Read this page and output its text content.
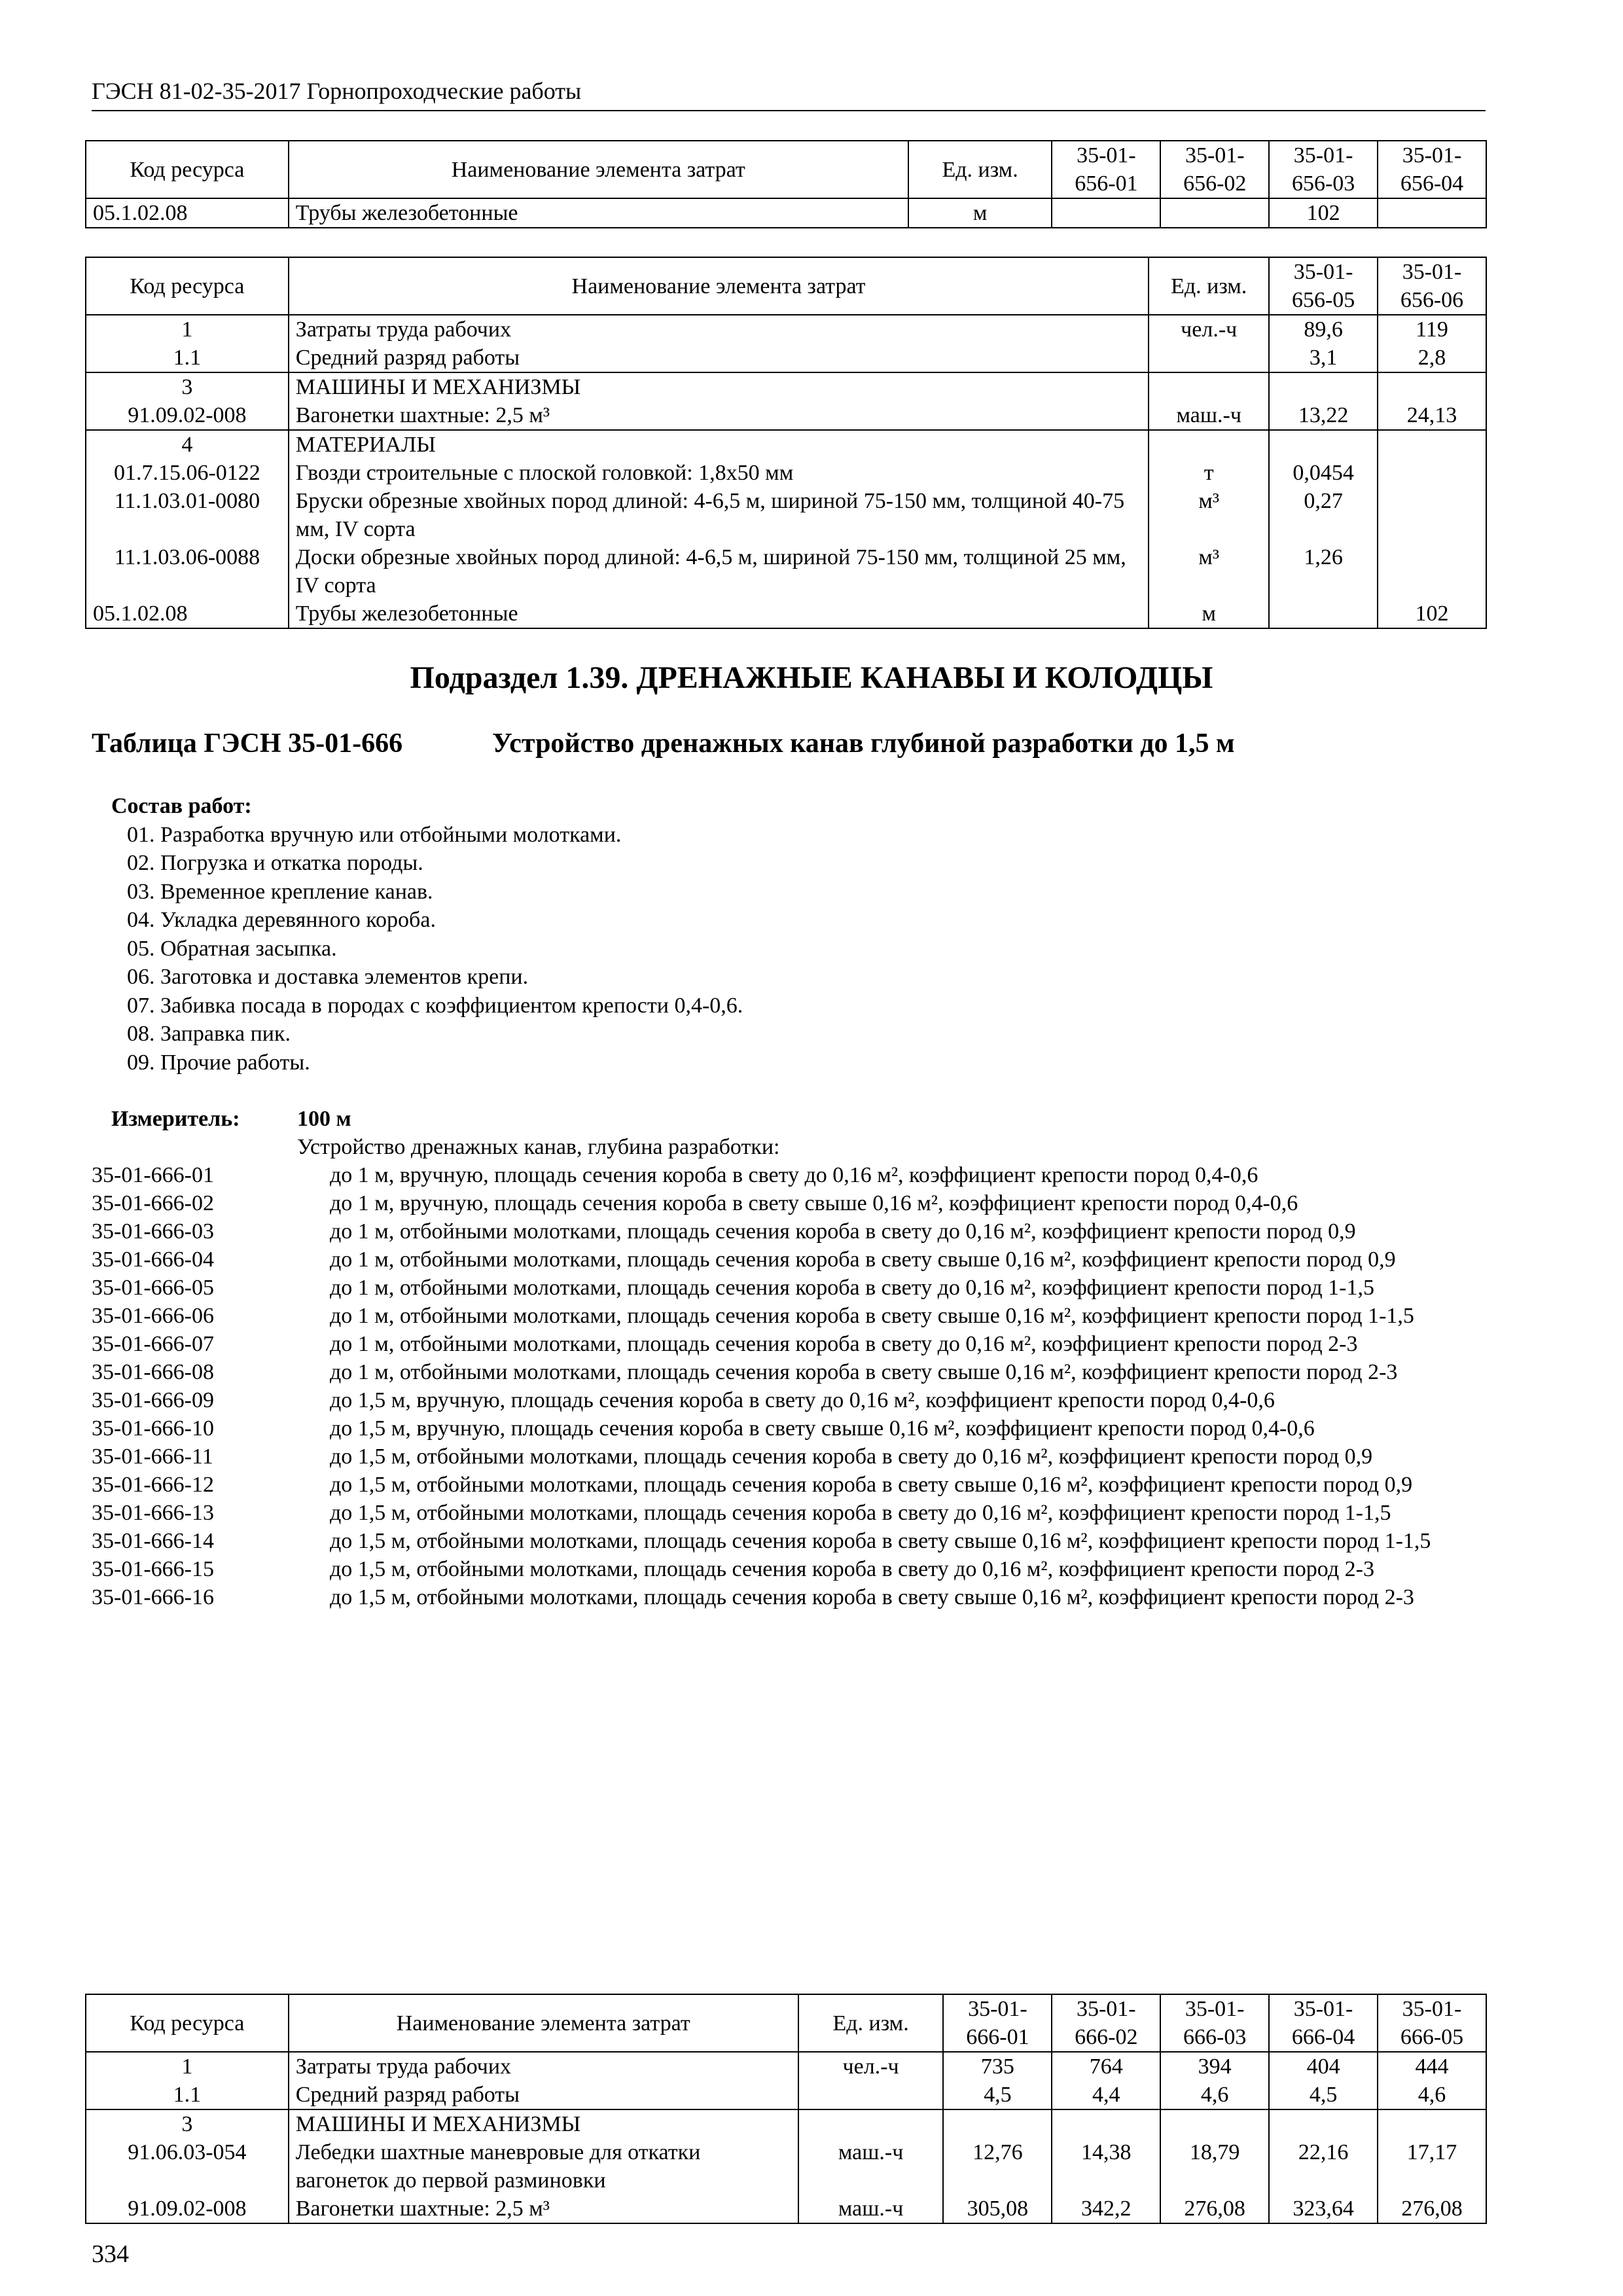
ГЭСН 81-02-35-2017 Горнопроходческие работы
Код ресурса	Наименование элемента затрат	Ед. изм.	35-01-656-01	35-01-656-02	35-01-656-03	35-01-656-04
05.1.02.08	Трубы железобетонные	м			102	
Код ресурса	Наименование элемента затрат	Ед. изм.	35-01-656-05	35-01-656-06
1	Затраты труда рабочих	чел.-ч	89,6	119
1.1	Средний разряд работы		3,1	2,8
3	МАШИНЫ И МЕХАНИЗМЫ			
91.09.02-008	Вагонетки шахтные: 2,5 м³	маш.-ч	13,22	24,13
4	МАТЕРИАЛЫ			
01.7.15.06-0122	Гвозди строительные с плоской головкой: 1,8х50 мм	т	0,0454	
11.1.03.01-0080	Бруски обрезные хвойных пород длиной: 4-6,5 м, шириной 75-150 мм, толщиной 40-75 мм, IV сорта	м³	0,27	
11.1.03.06-0088	Доски обрезные хвойных пород длиной: 4-6,5 м, шириной 75-150 мм, толщиной 25 мм, IV сорта	м³	1,26	
05.1.02.08	Трубы железобетонные	м		102
Подраздел 1.39. ДРЕНАЖНЫЕ КАНАВЫ И КОЛОДЦЫ
Таблица ГЭСН 35-01-666	Устройство дренажных канав глубиной разработки до 1,5 м
Состав работ:
01. Разработка вручную или отбойными молотками.
02. Погрузка и откатка породы.
03. Временное крепление канав.
04. Укладка деревянного короба.
05. Обратная засыпка.
06. Заготовка и доставка элементов крепи.
07. Забивка посада в породах с коэффициентом крепости 0,4-0,6.
08. Заправка пик.
09. Прочие работы.
Измеритель:	100 м
Устройство дренажных канав, глубина разработки:
35-01-666-01	до 1 м, вручную, площадь сечения короба в свету до 0,16 м², коэффициент крепости пород 0,4-0,6
35-01-666-02	до 1 м, вручную, площадь сечения короба в свету свыше 0,16 м², коэффициент крепости пород 0,4-0,6
35-01-666-03	до 1 м, отбойными молотками, площадь сечения короба в свету до 0,16 м², коэффициент крепости пород 0,9
35-01-666-04	до 1 м, отбойными молотками, площадь сечения короба в свету свыше 0,16 м², коэффициент крепости пород 0,9
35-01-666-05	до 1 м, отбойными молотками, площадь сечения короба в свету до 0,16 м², коэффициент крепости пород 1-1,5
35-01-666-06	до 1 м, отбойными молотками, площадь сечения короба в свету свыше 0,16 м², коэффициент крепости пород 1-1,5
35-01-666-07	до 1 м, отбойными молотками, площадь сечения короба в свету до 0,16 м², коэффициент крепости пород 2-3
35-01-666-08	до 1 м, отбойными молотками, площадь сечения короба в свету свыше 0,16 м², коэффициент крепости пород 2-3
35-01-666-09	до 1,5 м, вручную, площадь сечения короба в свету до 0,16 м², коэффициент крепости пород 0,4-0,6
35-01-666-10	до 1,5 м, вручную, площадь сечения короба в свету свыше 0,16 м², коэффициент крепости пород 0,4-0,6
35-01-666-11	до 1,5 м, отбойными молотками, площадь сечения короба в свету до 0,16 м², коэффициент крепости пород 0,9
35-01-666-12	до 1,5 м, отбойными молотками, площадь сечения короба в свету свыше 0,16 м², коэффициент крепости пород 0,9
35-01-666-13	до 1,5 м, отбойными молотками, площадь сечения короба в свету до 0,16 м², коэффициент крепости пород 1-1,5
35-01-666-14	до 1,5 м, отбойными молотками, площадь сечения короба в свету свыше 0,16 м², коэффициент крепости пород 1-1,5
35-01-666-15	до 1,5 м, отбойными молотками, площадь сечения короба в свету до 0,16 м², коэффициент крепости пород 2-3
35-01-666-16	до 1,5 м, отбойными молотками, площадь сечения короба в свету свыше 0,16 м², коэффициент крепости пород 2-3
Код ресурса	Наименование элемента затрат	Ед. изм.	35-01-666-01	35-01-666-02	35-01-666-03	35-01-666-04	35-01-666-05
1	Затраты труда рабочих	чел.-ч	735	764	394	404	444
1.1	Средний разряд работы		4,5	4,4	4,6	4,5	4,6
3	МАШИНЫ И МЕХАНИЗМЫ						
91.06.03-054	Лебедки шахтные маневровые для откатки вагонеток до первой разминовки	маш.-ч	12,76	14,38	18,79	22,16	17,17
91.09.02-008	Вагонетки шахтные: 2,5 м³	маш.-ч	305,08	342,2	276,08	323,64	276,08
334
